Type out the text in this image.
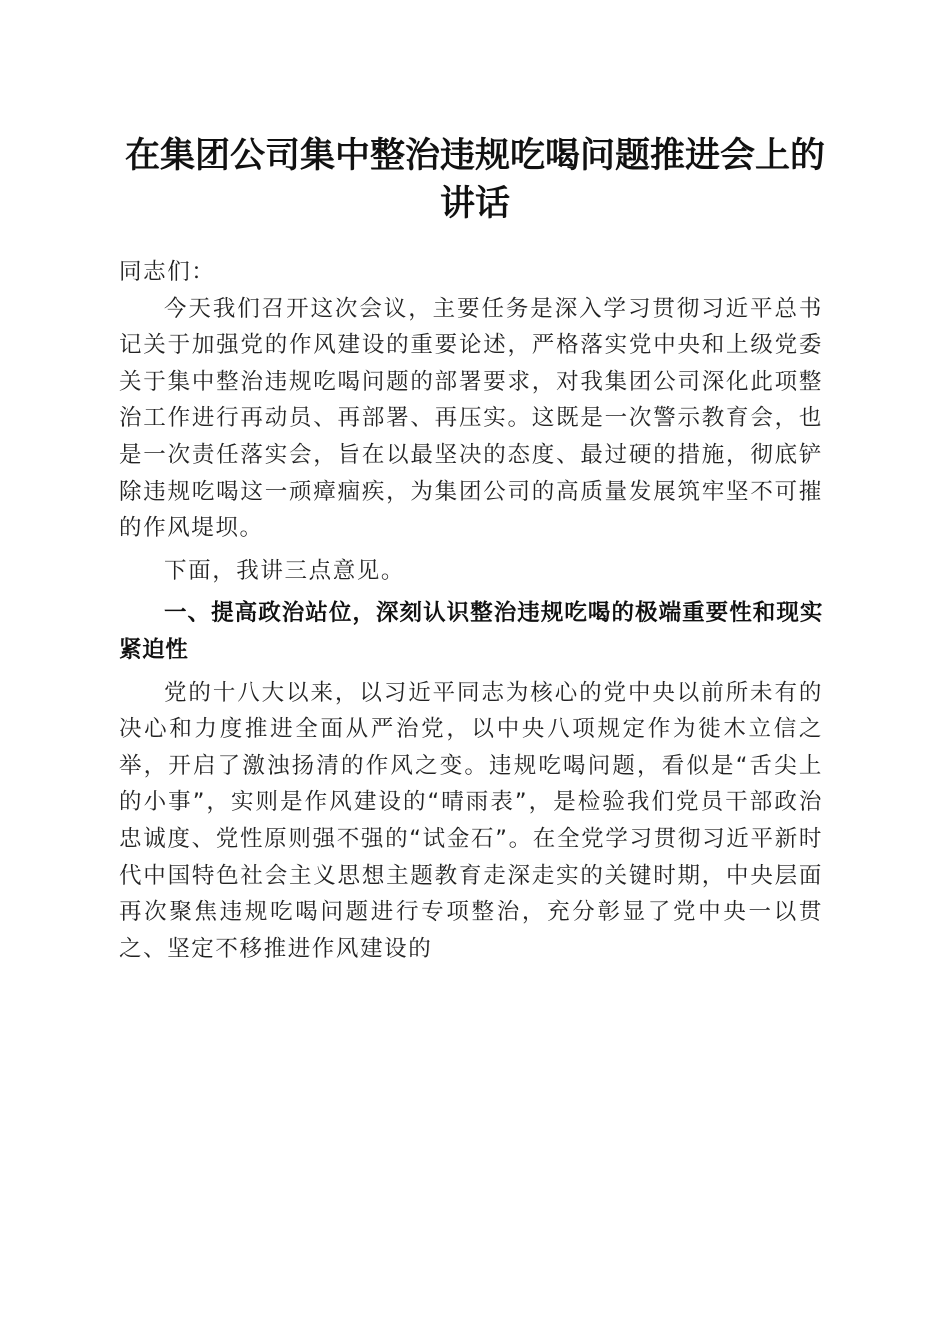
在集团公司集中整治违规吃喝问题推进会上的讲话

同志们：

今天我们召开这次会议，主要任务是深入学习贯彻习近平总书记关于加强党的作风建设的重要论述，严格落实党中央和上级党委关于集中整治违规吃喝问题的部署要求，对我集团公司深化此项整治工作进行再动员、再部署、再压实。这既是一次警示教育会，也是一次责任落实会，旨在以最坚决的态度、最过硬的措施，彻底铲除违规吃喝这一顽瘴痼疾，为集团公司的高质量发展筑牢坚不可摧的作风堤坝。

下面，我讲三点意见。

一、提高政治站位，深刻认识整治违规吃喝的极端重要性和现实紧迫性

党的十八大以来，以习近平同志为核心的党中央以前所未有的决心和力度推进全面从严治党，以中央八项规定作为徙木立信之举，开启了激浊扬清的作风之变。违规吃喝问题，看似是“舌尖上的小事”，实则是作风建设的“晴雨表”，是检验我们党员干部政治忠诚度、党性原则强不强的“试金石”。在全党学习贯彻习近平新时代中国特色社会主义思想主题教育走深走实的关键时期，中央层面再次聚焦违规吃喝问题进行专项整治，充分彰显了党中央一以贯之、坚定不移推进作风建设的
